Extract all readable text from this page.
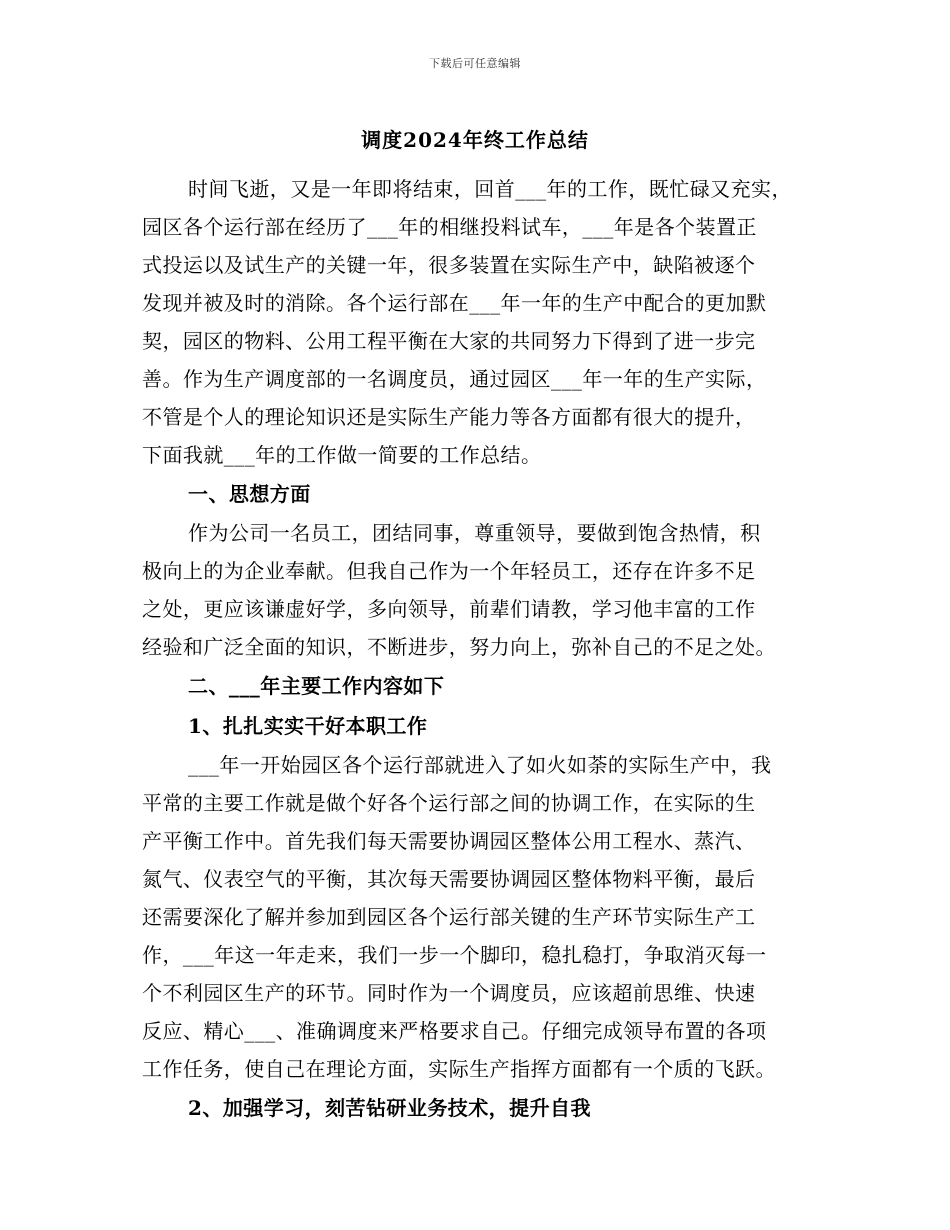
下载后可任意编辑
调度2024年终工作总结
时间飞逝，又是一年即将结束，回首___年的工作，既忙碌又充实，
园区各个运行部在经历了___年的相继投料试车，___年是各个装置正
式投运以及试生产的关键一年，很多装置在实际生产中，缺陷被逐个
发现并被及时的消除。各个运行部在___年一年的生产中配合的更加默
契，园区的物料、公用工程平衡在大家的共同努力下得到了进一步完
善。作为生产调度部的一名调度员，通过园区___年一年的生产实际，
不管是个人的理论知识还是实际生产能力等各方面都有很大的提升，
下面我就___年的工作做一简要的工作总结。
一、思想方面
作为公司一名员工，团结同事，尊重领导，要做到饱含热情，积
极向上的为企业奉献。但我自己作为一个年轻员工，还存在许多不足
之处，更应该谦虚好学，多向领导，前辈们请教，学习他丰富的工作
经验和广泛全面的知识，不断进步，努力向上，弥补自己的不足之处。
二、___年主要工作内容如下
1、扎扎实实干好本职工作
___年一开始园区各个运行部就进入了如火如荼的实际生产中，我
平常的主要工作就是做个好各个运行部之间的协调工作，在实际的生
产平衡工作中。首先我们每天需要协调园区整体公用工程水、蒸汽、
氮气、仪表空气的平衡，其次每天需要协调园区整体物料平衡，最后
还需要深化了解并参加到园区各个运行部关键的生产环节实际生产工
作，___年这一年走来，我们一步一个脚印，稳扎稳打，争取消灭每一
个不利园区生产的环节。同时作为一个调度员，应该超前思维、快速
反应、精心___、准确调度来严格要求自己。仔细完成领导布置的各项
工作任务，使自己在理论方面，实际生产指挥方面都有一个质的飞跃。
2、加强学习，刻苦钻研业务技术，提升自我
